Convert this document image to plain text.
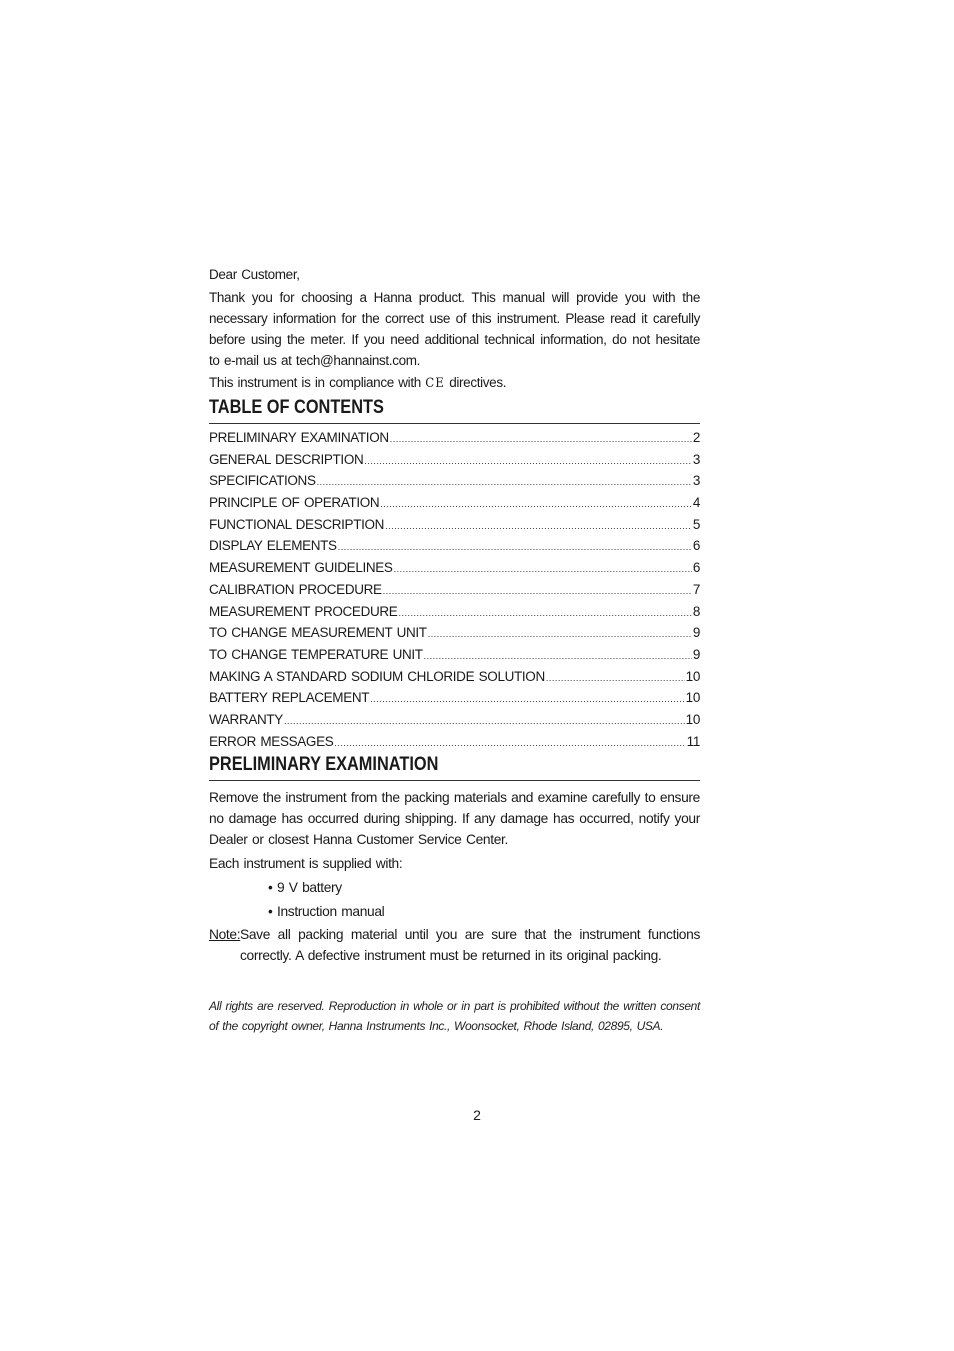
Dear Customer,

Thank you for choosing a Hanna product. This manual will provide you with the necessary information for the correct use of this instrument. Please read it carefully before using the meter. If you need additional technical information, do not hesitate to e-mail us at tech@hannainst.com.

This instrument is in compliance with CE directives.
TABLE OF CONTENTS
PRELIMINARY EXAMINATION .....	2
GENERAL DESCRIPTION .....	3
SPECIFICATIONS .....	3
PRINCIPLE OF OPERATION .....	4
FUNCTIONAL DESCRIPTION .....	5
DISPLAY ELEMENTS .....	6
MEASUREMENT GUIDELINES .....	6
CALIBRATION PROCEDURE .....	7
MEASUREMENT PROCEDURE .....	8
TO CHANGE MEASUREMENT UNIT .....	9
TO CHANGE TEMPERATURE UNIT .....	9
MAKING A STANDARD SODIUM CHLORIDE SOLUTION .....	10
BATTERY REPLACEMENT .....	10
WARRANTY .....	10
ERROR MESSAGES .....	11
PRELIMINARY EXAMINATION

Remove the instrument from the packing materials and examine carefully to ensure no damage has occurred during shipping. If any damage has occurred, notify your Dealer or closest Hanna Customer Service Center.

Each instrument is supplied with:
• 9 V battery
• Instruction manual
Note: Save all packing material until you are sure that the instrument functions correctly. A defective instrument must be returned in its original packing.

All rights are reserved. Reproduction in whole or in part is prohibited without the written consent of the copyright owner, Hanna Instruments Inc., Woonsocket, Rhode Island, 02895, USA.

2
